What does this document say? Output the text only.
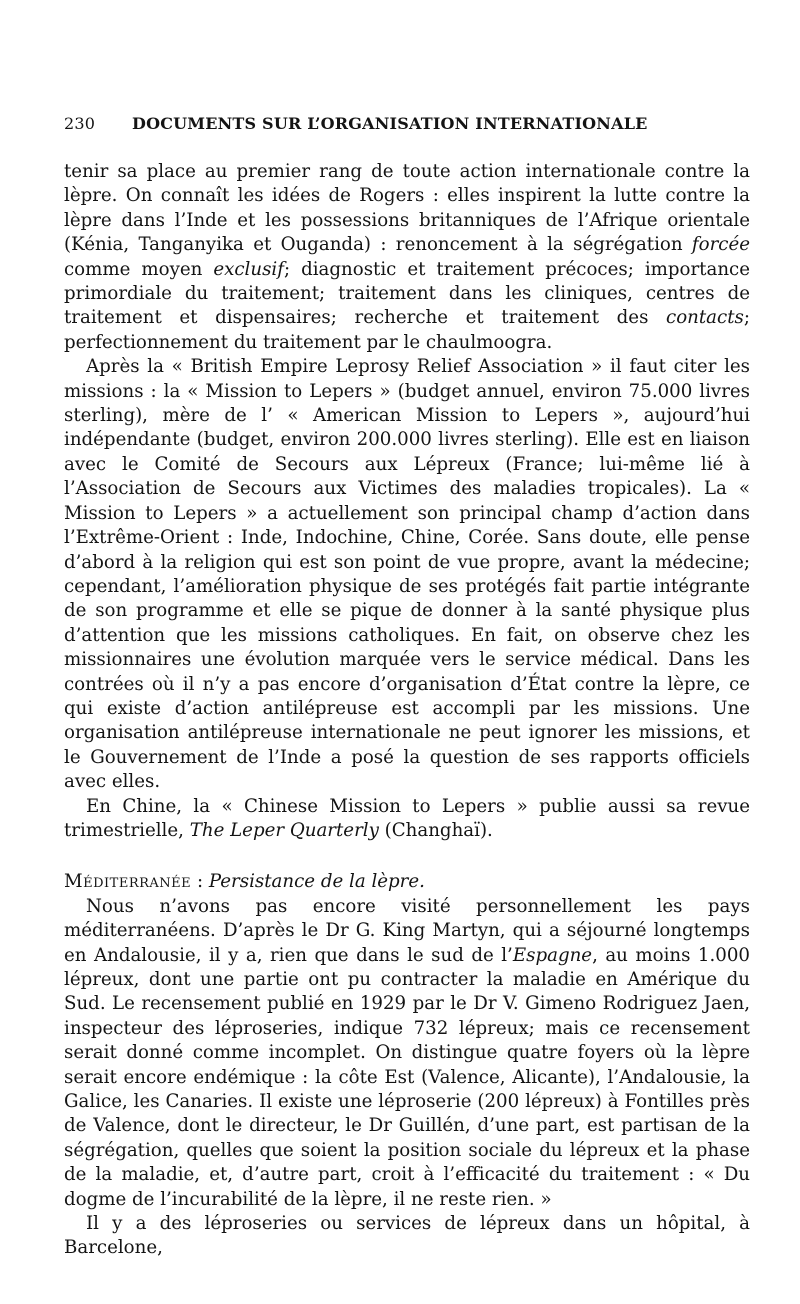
230	DOCUMENTS SUR L’ORGANISATION INTERNATIONALE

tenir sa place au premier rang de toute action internationale contre la lèpre. On connaît les idées de Rogers : elles inspirent la lutte contre la lèpre dans l’Inde et les possessions britanniques de l’Afrique orientale (Kénia, Tanganyika et Ouganda) : renoncement à la ségrégation forcée comme moyen exclusif; diagnostic et traitement précoces; importance primordiale du traitement; traitement dans les cliniques, centres de traitement et dispensaires; recherche et traitement des contacts; perfectionnement du traitement par le chaulmoogra.

Après la « British Empire Leprosy Relief Association » il faut citer les missions : la « Mission to Lepers » (budget annuel, environ 75.000 livres sterling), mère de l’ « American Mission to Lepers », aujourd’hui indépendante (budget, environ 200.000 livres sterling). Elle est en liaison avec le Comité de Secours aux Lépreux (France; lui-même lié à l’Association de Secours aux Victimes des maladies tropicales). La « Mission to Lepers » a actuellement son principal champ d’action dans l’Extrême-Orient : Inde, Indochine, Chine, Corée. Sans doute, elle pense d’abord à la religion qui est son point de vue propre, avant la médecine; cependant, l’amélioration physique de ses protégés fait partie intégrante de son programme et elle se pique de donner à la santé physique plus d’attention que les missions catholiques. En fait, on observe chez les missionnaires une évolution marquée vers le service médical. Dans les contrées où il n’y a pas encore d’organisation d’État contre la lèpre, ce qui existe d’action antilépreuse est accompli par les missions. Une organisation antilépreuse internationale ne peut ignorer les missions, et le Gouvernement de l’Inde a posé la question de ses rapports officiels avec elles.

En Chine, la « Chinese Mission to Lepers » publie aussi sa revue trimestrielle, The Leper Quarterly (Changhaï).

Méditerranée : Persistance de la lèpre.

Nous n’avons pas encore visité personnellement les pays méditerranéens. D’après le Dr G. King Martyn, qui a séjourné longtemps en Andalousie, il y a, rien que dans le sud de l’Espagne, au moins 1.000 lépreux, dont une partie ont pu contracter la maladie en Amérique du Sud. Le recensement publié en 1929 par le Dr V. Gimeno Rodriguez Jaen, inspecteur des léproseries, indique 732 lépreux; mais ce recensement serait donné comme incomplet. On distingue quatre foyers où la lèpre serait encore endémique : la côte Est (Valence, Alicante), l’Andalousie, la Galice, les Canaries. Il existe une léproserie (200 lépreux) à Fontilles près de Valence, dont le directeur, le Dr Guillén, d’une part, est partisan de la ségrégation, quelles que soient la position sociale du lépreux et la phase de la maladie, et, d’autre part, croit à l’efficacité du traitement : « Du dogme de l’incurabilité de la lèpre, il ne reste rien. »

Il y a des léproseries ou services de lépreux dans un hôpital, à Barcelone,
